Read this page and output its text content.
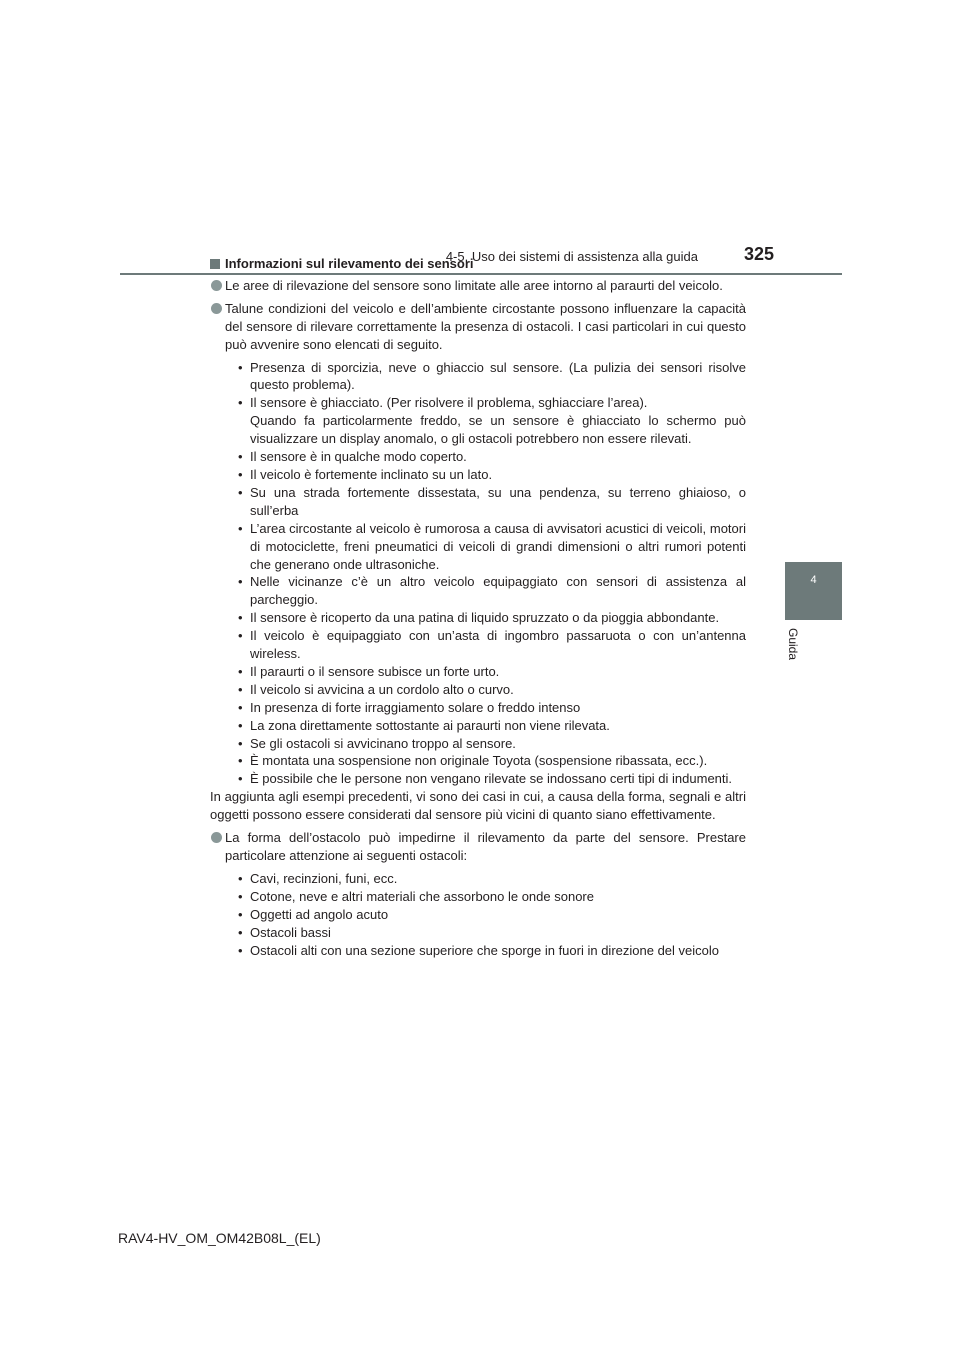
4-5. Uso dei sistemi di assistenza alla guida	325
4
Guida
Informazioni sul rilevamento dei sensori
Le aree di rilevazione del sensore sono limitate alle aree intorno al paraurti del veicolo.
Talune condizioni del veicolo e dell’ambiente circostante possono influenzare la capacità del sensore di rilevare correttamente la presenza di ostacoli. I casi particolari in cui questo può avvenire sono elencati di seguito.
• Presenza di sporcizia, neve o ghiaccio sul sensore. (La pulizia dei sensori risolve questo problema).
• Il sensore è ghiacciato. (Per risolvere il problema, sghiacciare l’area).
Quando fa particolarmente freddo, se un sensore è ghiacciato lo schermo può visualizzare un display anomalo, o gli ostacoli potrebbero non essere rilevati.
• Il sensore è in qualche modo coperto.
• Il veicolo è fortemente inclinato su un lato.
• Su una strada fortemente dissestata, su una pendenza, su terreno ghiaioso, o sull’erba
• L’area circostante al veicolo è rumorosa a causa di avvisatori acustici di veicoli, motori di motociclette, freni pneumatici di veicoli di grandi dimensioni o altri rumori potenti che generano onde ultrasoniche.
• Nelle vicinanze c’è un altro veicolo equipaggiato con sensori di assistenza al parcheggio.
• Il sensore è ricoperto da una patina di liquido spruzzato o da pioggia abbondante.
• Il veicolo è equipaggiato con un’asta di ingombro passaruota o con un’antenna wireless.
• Il paraurti o il sensore subisce un forte urto.
• Il veicolo si avvicina a un cordolo alto o curvo.
• In presenza di forte irraggiamento solare o freddo intenso
• La zona direttamente sottostante ai paraurti non viene rilevata.
• Se gli ostacoli si avvicinano troppo al sensore.
• È montata una sospensione non originale Toyota (sospensione ribassata, ecc.).
• È possibile che le persone non vengano rilevate se indossano certi tipi di indumenti.

In aggiunta agli esempi precedenti, vi sono dei casi in cui, a causa della forma, segnali e altri oggetti possono essere considerati dal sensore più vicini di quanto siano effettivamente.

La forma dell’ostacolo può impedirne il rilevamento da parte del sensore. Prestare particolare attenzione ai seguenti ostacoli:
• Cavi, recinzioni, funi, ecc.
• Cotone, neve e altri materiali che assorbono le onde sonore
• Oggetti ad angolo acuto
• Ostacoli bassi
• Ostacoli alti con una sezione superiore che sporge in fuori in direzione del veicolo
RAV4-HV_OM_OM42B08L_(EL)
